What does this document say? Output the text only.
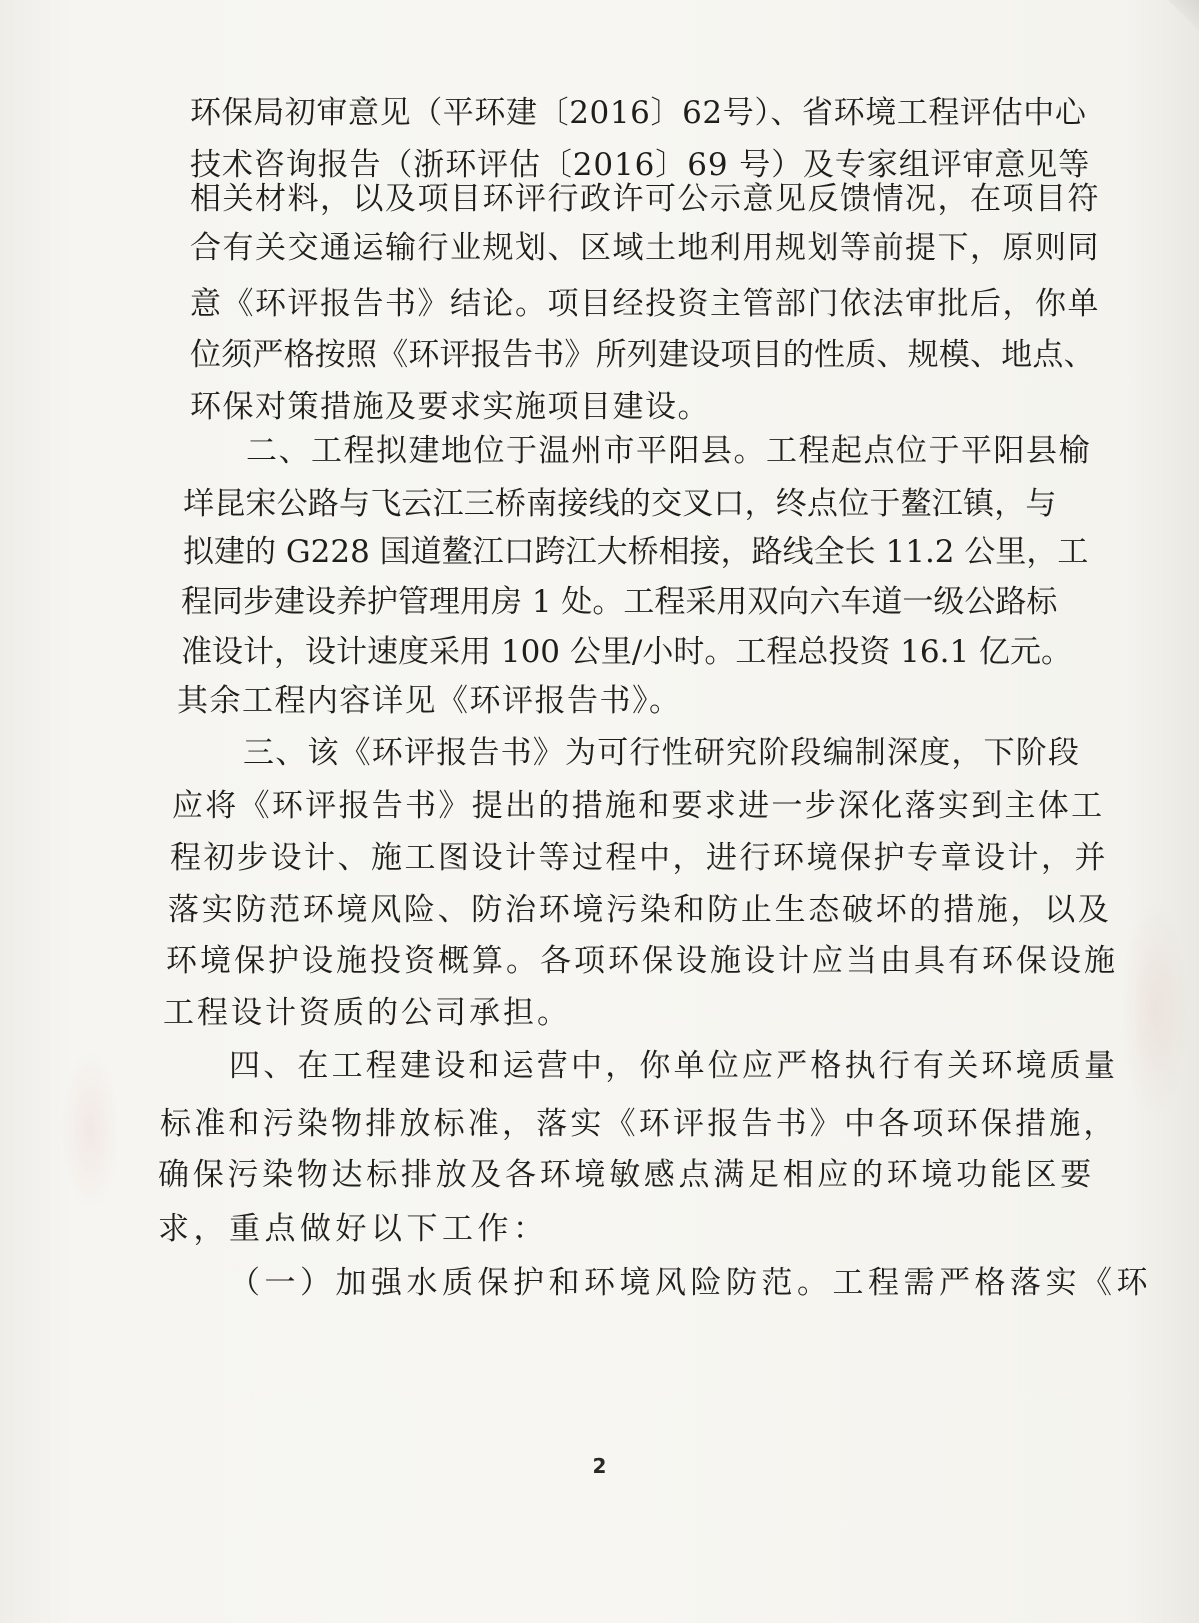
环保局初审意见（平环建〔2016〕62号）、省环境工程评估中心

技术咨询报告（浙环评估〔2016〕69 号）及专家组评审意见等

相关材料，以及项目环评行政许可公示意见反馈情况，在项目符

合有关交通运输行业规划、区域土地利用规划等前提下，原则同

意《环评报告书》结论。项目经投资主管部门依法审批后，你单

位须严格按照《环评报告书》所列建设项目的性质、规模、地点、

环保对策措施及要求实施项目建设。

二、工程拟建地位于温州市平阳县。工程起点位于平阳县榆

垟昆宋公路与飞云江三桥南接线的交叉口，终点位于鳌江镇，与

拟建的 G228 国道鳌江口跨江大桥相接，路线全长 11.2 公里，工

程同步建设养护管理用房 1 处。工程采用双向六车道一级公路标

准设计，设计速度采用 100 公里/小时。工程总投资 16.1 亿元。

其余工程内容详见《环评报告书》。

三、该《环评报告书》为可行性研究阶段编制深度，下阶段

应将《环评报告书》提出的措施和要求进一步深化落实到主体工

程初步设计、施工图设计等过程中，进行环境保护专章设计，并

落实防范环境风险、防治环境污染和防止生态破坏的措施，以及

环境保护设施投资概算。各项环保设施设计应当由具有环保设施

工程设计资质的公司承担。

四、在工程建设和运营中，你单位应严格执行有关环境质量

标准和污染物排放标准，落实《环评报告书》中各项环保措施，

确保污染物达标排放及各环境敏感点满足相应的环境功能区要

求，重点做好以下工作：

（一）加强水质保护和环境风险防范。工程需严格落实《环

2
